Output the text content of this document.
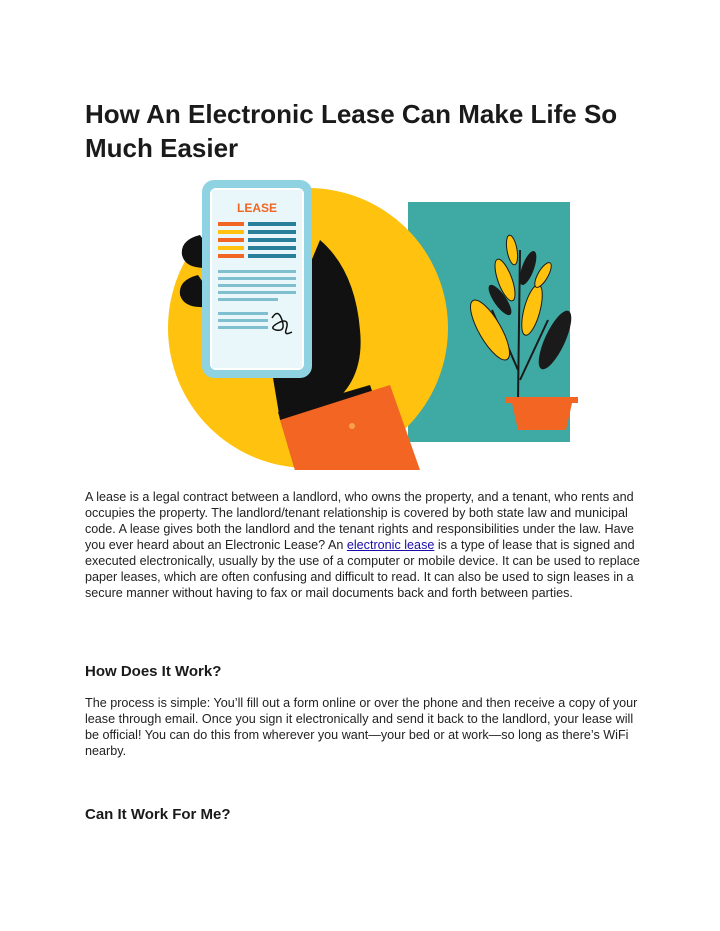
How An Electronic Lease Can Make Life So Much Easier
LEASE

A lease is a legal contract between a landlord, who owns the property, and a tenant, who rents and occupies the property. The landlord/tenant relationship is covered by both state law and municipal code. A lease gives both the landlord and the tenant rights and responsibilities under the law. Have you ever heard about an Electronic Lease? An electronic lease is a type of lease that is signed and executed electronically, usually by the use of a computer or mobile device. It can be used to replace paper leases, which are often confusing and difficult to read. It can also be used to sign leases in a secure manner without having to fax or mail documents back and forth between parties.

How Does It Work?

The process is simple: You’ll fill out a form online or over the phone and then receive a copy of your lease through email. Once you sign it electronically and send it back to the landlord, your lease will be official! You can do this from wherever you want—your bed or at work—so long as there’s WiFi nearby.

Can It Work For Me?
